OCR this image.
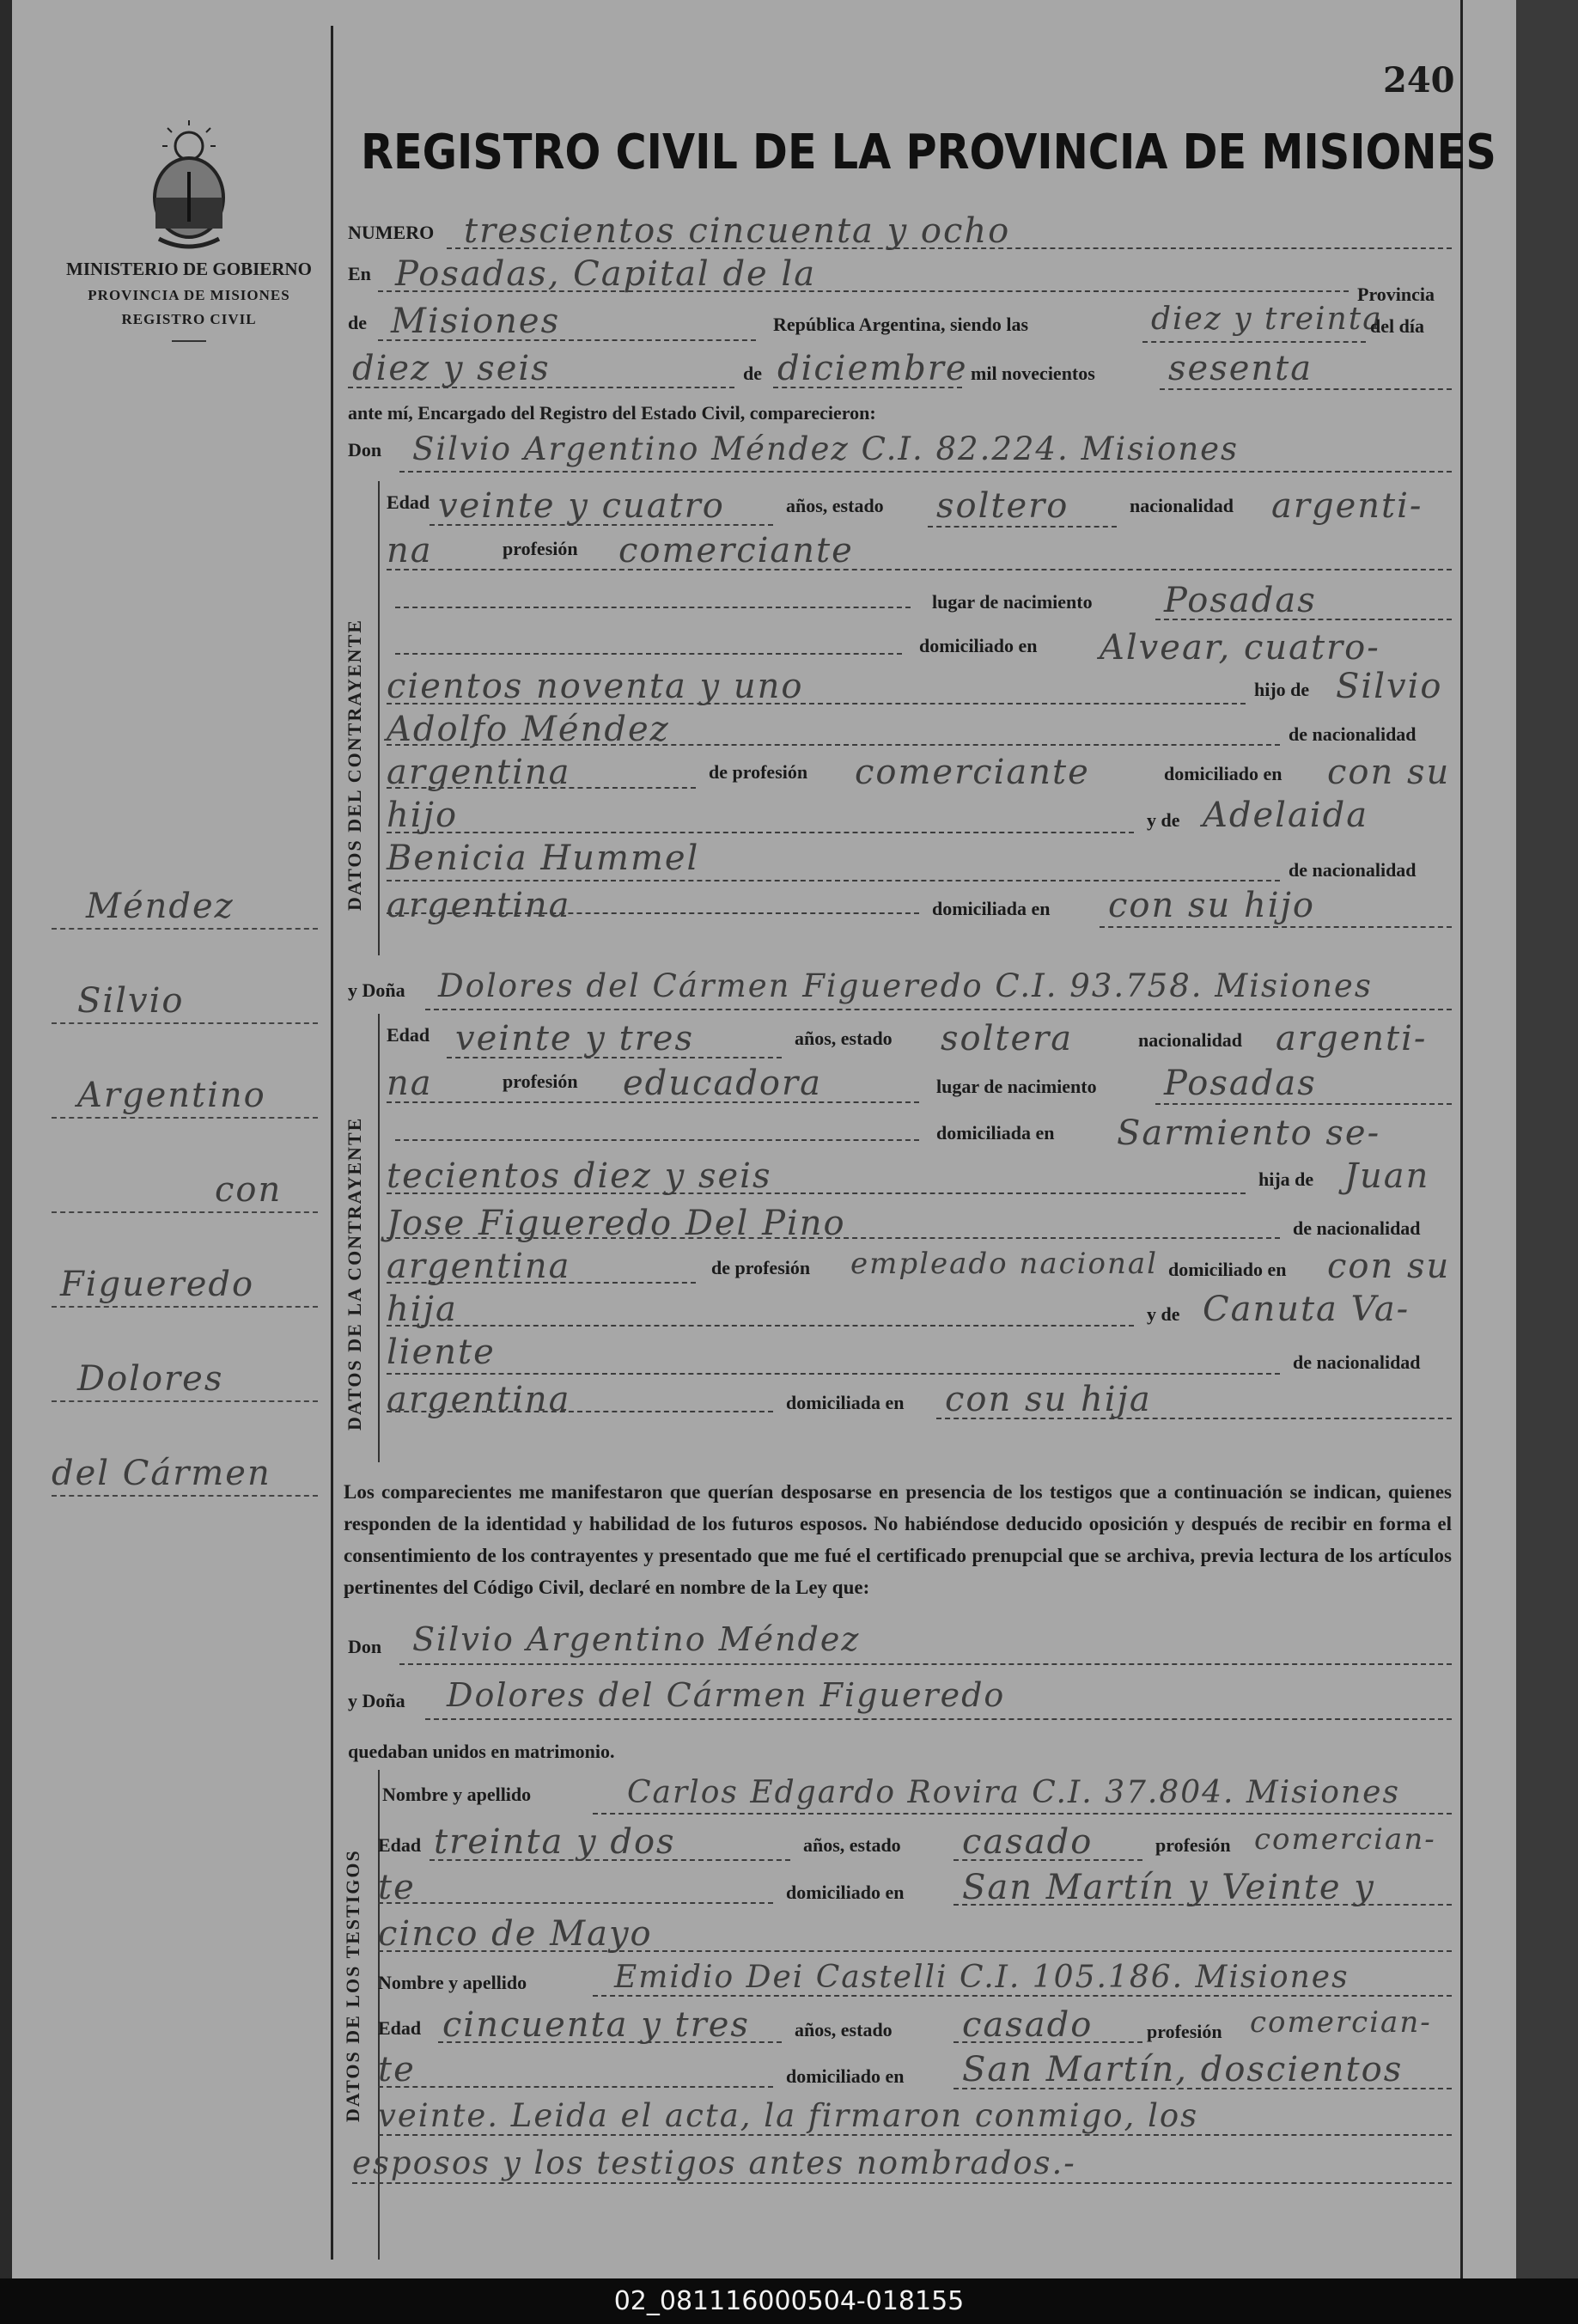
MINISTERIO DE GOBIERNO
PROVINCIA DE MISIONES
REGISTRO CIVIL
240
REGISTRO CIVIL DE LA PROVINCIA DE MISIONES
Méndez
Silvio
Argentino
con
Figueredo
Dolores
del Cármen
NUMERO trescientos cincuenta y ocho
En Posadas, Capital de la
Provincia
de Misiones	República Argentina, siendo las	diez y treinta
del día
diez y seis	de diciembre mil novecientos sesenta
ante mí, Encargado del Registro del Estado Civil, comparecieron:
Don Silvio Argentino Méndez C.I. 82.224. Misiones
DATOS DEL CONTRAYENTE
Edad veinte y cuatro	años, estado soltero	nacionalidad argenti-
na	profesión comerciante
lugar de nacimiento Posadas
domiciliado en Alvear, cuatro-
cientos noventa y uno	hijo de Silvio
Adolfo Méndez	de nacionalidad
argentina	de profesión comerciante	domiciliado en con su
hijo	y de Adelaida
Benicia Hummel	de nacionalidad
argentina	domiciliada en con su hijo
y Doña Dolores del Cármen Figueredo C.I. 93.758. Misiones
DATOS DE LA CONTRAYENTE
Edad veinte y tres	años, estado soltera	nacionalidad argenti-
na	profesión educadora	lugar de nacimiento Posadas
domiciliada en Sarmiento se-
tecientos diez y seis	hija de Juan
Jose Figueredo Del Pino	de nacionalidad
argentina	de profesión empleado nacional domiciliado en con su
hija	y de Canuta Va-
liente	de nacionalidad
argentina	domiciliada en con su hija
Los comparecientes me manifestaron que querían desposarse en presencia de los testigos que a continuación se indican, quienes responden de la identidad y habilidad de los futuros esposos. No habiéndose deducido oposición y después de recibir en forma el consentimiento de los contrayentes y presentado que me fué el certificado prenupcial que se archiva, previa lectura de los artículos pertinentes del Código Civil, declaré en nombre de la Ley que:
Don Silvio Argentino Méndez
y Doña Dolores del Cármen Figueredo
quedaban unidos en matrimonio.
DATOS DE LOS TESTIGOS
Nombre y apellido	Carlos Edgardo Rovira C.I. 37.804. Misiones
Edad treinta y dos	años, estado casado	profesión comercian-
te	domiciliado en San Martín y Veinte y
cinco de Mayo
Nombre y apellido	Emidio Dei Castelli C.I. 105.186. Misiones
Edad cincuenta y tres años, estado casado	profesión comercian-
te	domiciliado en San Martín, doscientos
veinte. Leida el acta, la firmaron conmigo, los
esposos y los testigos antes nombrados.-
02_081116000504-018155
